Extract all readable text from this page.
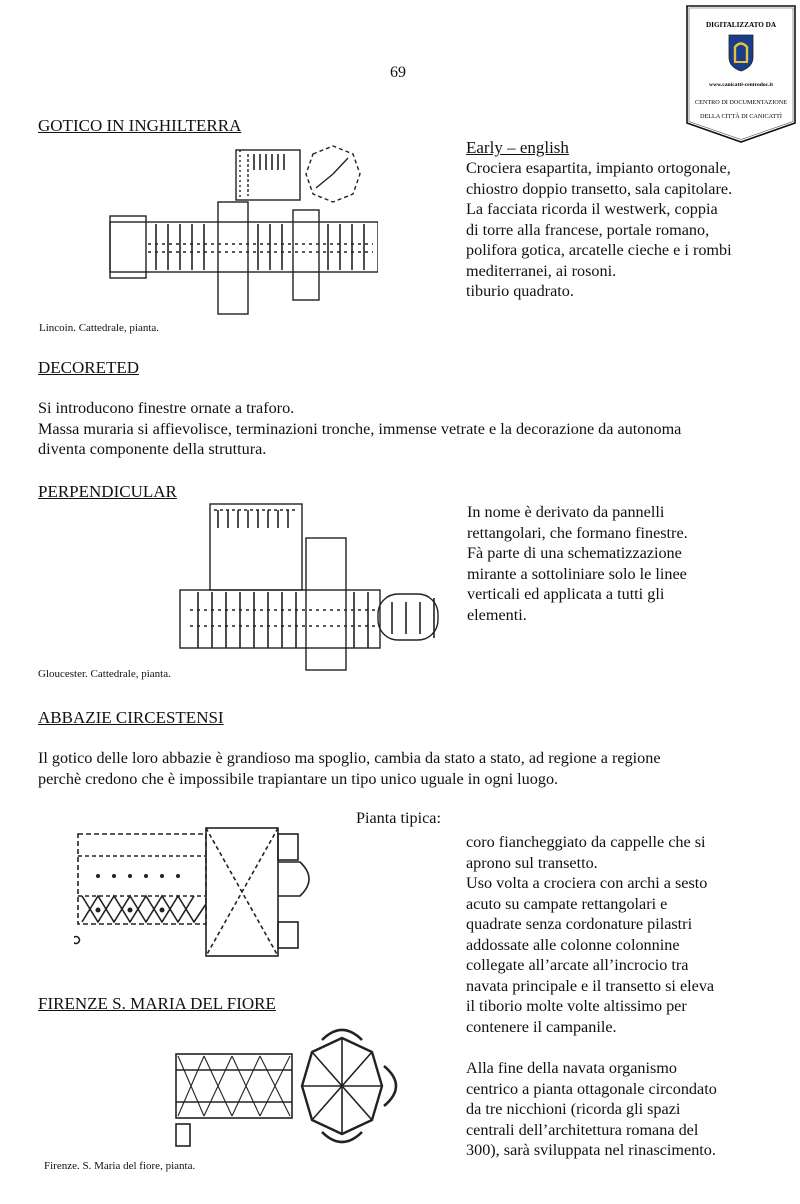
69
DIGITALIZZATO DA
www.canicatti-centrodoc.it
CENTRO DI DOCUMENTAZIONE
DELLA CITTÀ DI CANICATTÌ
GOTICO IN INGHILTERRA
Early – english
Crociera esapartita, impianto ortogonale,
chiostro doppio transetto, sala capitolare.
La facciata ricorda il westwerk, coppia
di torre alla francese, portale romano,
polifora gotica, arcatelle cieche e i rombi
mediterranei, ai rosoni.
tiburio quadrato.
Lincoin. Cattedrale, pianta.
DECORETED
Si introducono finestre ornate a traforo.
Massa muraria si affievolisce, terminazioni tronche, immense vetrate e la decorazione da autonoma
diventa componente della struttura.
PERPENDICULAR
In nome è derivato da pannelli
rettangolari, che formano finestre.
Fà parte di una schematizzazione
mirante a sottoliniare solo le linee
verticali ed applicata a tutti gli
elementi.
Gloucester. Cattedrale, pianta.
ABBAZIE CIRCESTENSI
Il gotico delle loro abbazie è grandioso ma spoglio, cambia da stato a stato, ad regione a regione
perchè credono che è impossibile trapiantare un tipo unico uguale in ogni luogo.
Pianta tipica:
coro fiancheggiato da cappelle che si
aprono sul transetto.
Uso volta a crociera con archi a sesto
acuto su campate rettangolari e
quadrate senza cordonature pilastri
addossate alle colonne colonnine
collegate all’arcate all’incrocio tra
navata principale e il transetto si eleva
il tiborio molte volte altissimo per
contenere il campanile.
FIRENZE S. MARIA DEL FIORE
Alla fine della navata organismo
centrico a pianta ottagonale circondato
da tre nicchioni (ricorda gli spazi
centrali dell’architettura romana del
300), sarà sviluppata nel rinascimento.
Firenze. S. Maria del fiore, pianta.
